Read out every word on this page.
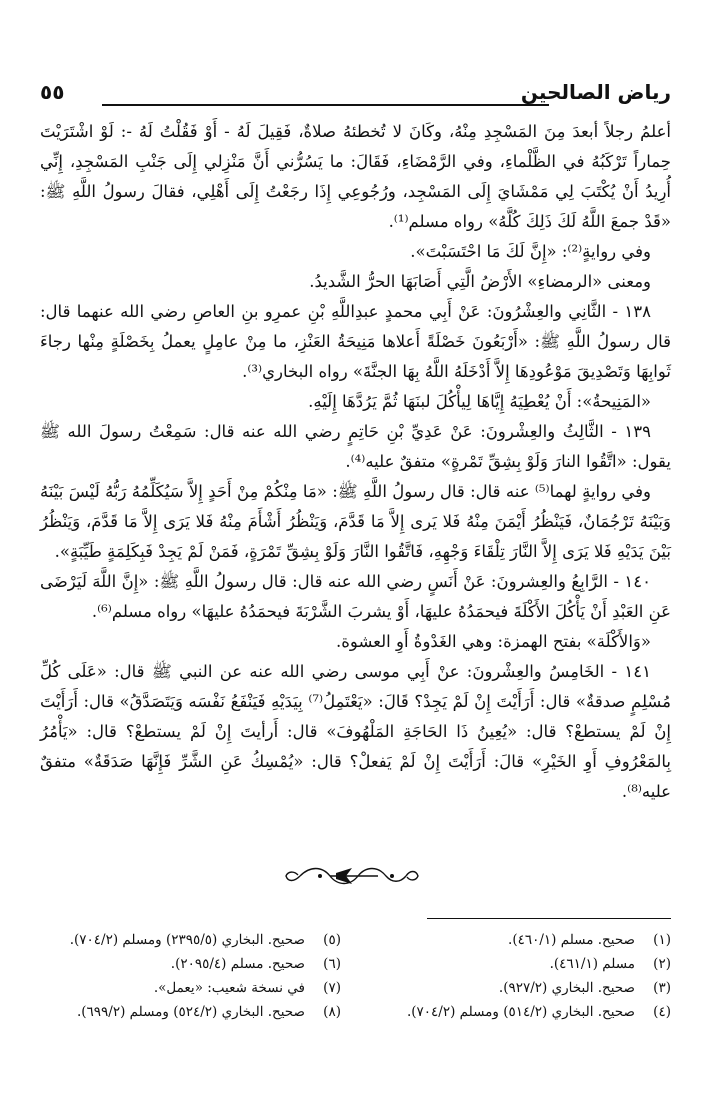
رياض الصالحين
٥٥

أعلمُ رجلاً أبعدَ مِنَ المَسْجِدِ مِنْهُ، وكَانَ لا تُخطئهُ صلاةٌ، فَقِيلَ لَهُ - أَوْ فَقُلْتُ لَهُ -: لَوْ اشْتَرَيْتَ حِماراً تَرْكَبُهُ في الظَّلْماءِ، وفي الرَّمْضَاءِ، فَقَالَ: ما يَسُرُّني أَنَّ مَنْزِلي إِلَى جَنْبِ المَسْجِدِ، إِنِّي أُرِيدُ أَنْ يُكْتَبَ لِي مَمْشَايَ إِلَى المَسْجِد، ورُجُوعِي إِذَا رجَعْتُ إِلَى أَهْلِي، فقالَ رسولُ اللَّهِ ﷺ: «قَدْ جمعَ اللَّهُ لَكَ ذَلِكَ كُلَّهُ» رواه مسلم⁽¹⁾.

وفي روايةٍ⁽²⁾: «إِنَّ لَكَ مَا احْتَسَبْتَ».

ومعنى «الرمضاءِ» الأَرْضُ الَّتِي أَصَابَهَا الحرُّ الشَّديدُ.

١٣٨ - الثَّانِي والعِشْرُونَ: عَنْ أَبِي محمدٍ عبدِاللَّهِ بْنِ عمرِو بنِ العاصِ رضي الله عنهما قال: قال رسولُ اللَّهِ ﷺ: «أَرْبَعُونَ خَصْلَةً أَعلاها مَنِيحَةُ العَنْزِ، ما مِنْ عامِلٍ يعملُ بِخَصْلَةٍ مِنْها رجاءَ ثَوابِهَا وَتَصْدِيقَ مَوْعُودِهَا إِلاَّ أَدْخَلَهُ اللَّهُ بِهَا الجنَّةَ» رواه البخاري⁽³⁾.

«المَنِيحةُ»: أَنْ يُعْطِيَهُ إِيَّاهَا لِيأْكُلَ لبنَهَا ثُمَّ يَرُدَّهَا إِلَيْهِ.

١٣٩ - الثَّالِثُ والعِشْرونَ: عَنْ عَدِيِّ بْنِ حَاتِمٍ رضي الله عنه قال: سَمِعْتُ رسولَ الله ﷺ يقول: «اتَّقُوا النارَ وَلَوْ بِشِقِّ تَمْرةٍ» متفقٌ عليه⁽⁴⁾.

وفي روايةٍ لهما⁽⁵⁾ عنه قال: قال رسولُ اللَّهِ ﷺ: «مَا مِنْكُمْ مِنْ أَحَدٍ إِلاَّ سَيُكَلِّمُهُ رَبُّهُ لَيْسَ بَيْنَهُ وَبَيْنَهُ تَرْجُمَانٌ، فَيَنْظُرُ أَيْمَنَ مِنْهُ فَلا يَرى إِلاَّ مَا قَدَّمَ، وَيَنْظُرُ أَشْأَمَ مِنْهُ فَلا يَرَى إِلاَّ مَا قَدَّمَ، وَيَنْظُرُ بَيْنَ يَدَيْهِ فَلا يَرَى إِلاَّ النَّارَ تِلْقَاءَ وَجْهِهِ، فَاتَّقُوا النَّارَ وَلَوْ بِشِقِّ تَمْرَةٍ، فَمَنْ لَمْ يَجِدْ فَبِكَلِمَةٍ طَيِّبَةٍ».

١٤٠ - الرَّابِعُ والعِشرونَ: عَنْ أَنَسٍ رضي الله عنه قال: قال رسولُ اللَّهِ ﷺ: «إِنَّ اللَّهَ لَيَرْضَى عَنِ العَبْدِ أَنْ يَأْكُلَ الأَكْلَةَ فيحمَدُهُ عليهَا، أَوْ يشربَ الشَّرْبَةَ فيحمَدُهُ عليهَا» رواه مسلم⁽⁶⁾.

«وَالأَكْلَة» بفتح الهمزة: وهي الغَدْوةُ أَوِ العشوة.

١٤١ - الخَامِسُ والعِشْرونَ: عنْ أَبِي موسى رضي الله عنه عن النبي ﷺ قال: «عَلَى كُلِّ مُسْلِمٍ صدقةٌ» قال: أَرَأَيْتَ إِنْ لَمْ يَجِدْ؟ قَالَ: «يَعْتَمِلُ⁽⁷⁾ بِيَدَيْهِ فَيَنْفَعُ نَفْسَه وَيَتَصَدَّقُ» قال: أَرَأَيْتَ إِنْ لَمْ يستطعْ؟ قال: «يُعِينُ ذَا الحَاجَةِ المَلْهُوفَ» قال: أَرأيتَ إِنْ لَمْ يستطعْ؟ قال: «يَأْمُرُ بِالمَعْرُوفِ أَوِ الخَيْرِ» قالَ: أَرَأَيْتَ إِنْ لَمْ يَفعلْ؟ قال: «يُمْسِكُ عَنِ الشَّرِّ فَإِنَّهَا صَدَقَةٌ» متفقٌ عليه⁽⁸⁾.

(١)
صحيح. مسلم (٤٦٠/١).
(٢)
مسلم (٤٦١/١).
(٣)
صحيح. البخاري (٩٢٧/٢).
(٤)
صحيح. البخاري (٥١٤/٢) ومسلم (٧٠٤/٢).
(٥)
صحيح. البخاري (٢٣٩٥/٥) ومسلم (٧٠٤/٢).
(٦)
صحيح. مسلم (٢٠٩٥/٤).
(٧)
في نسخة شعيب: «يعمل».
(٨)
صحيح. البخاري (٥٢٤/٢) ومسلم (٦٩٩/٢).
